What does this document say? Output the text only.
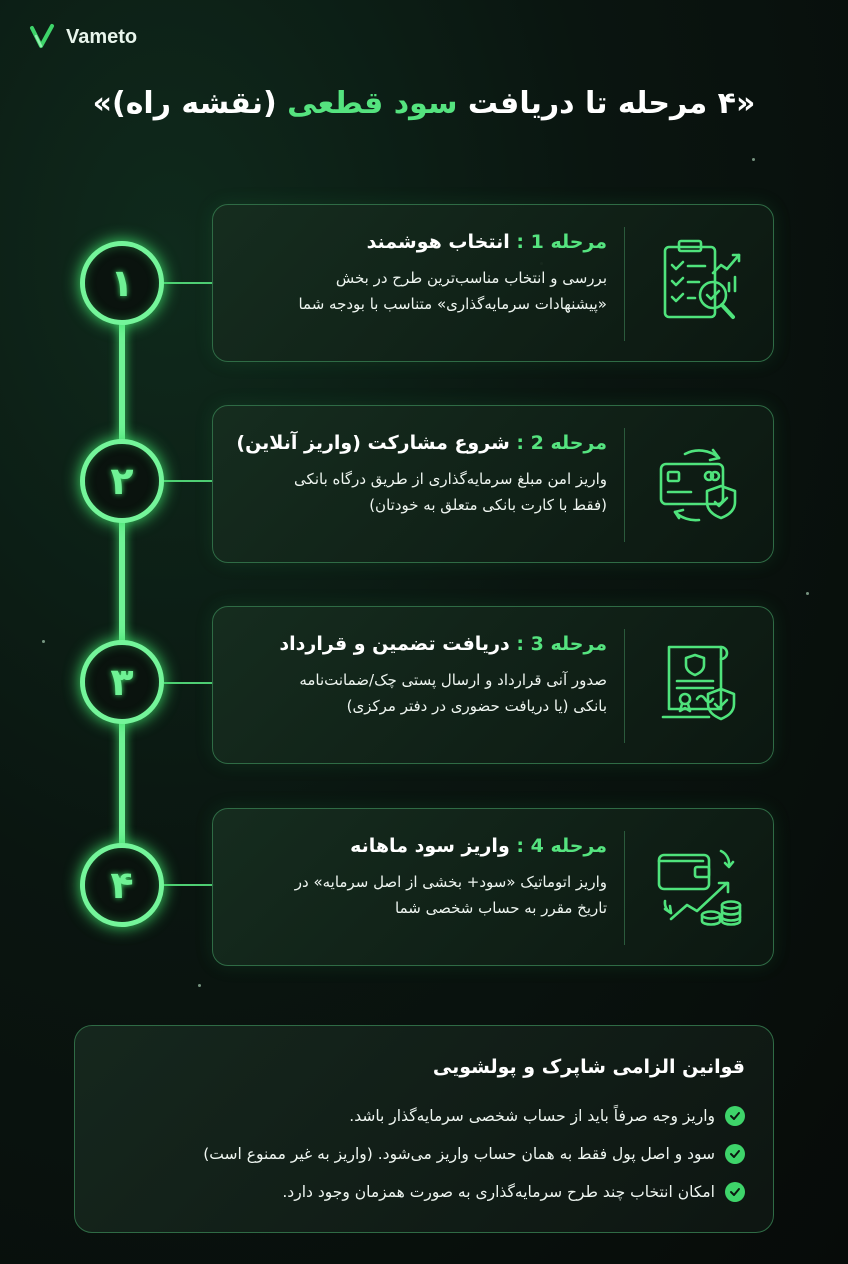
Vameto
«۴ مرحله تا دریافت سود قطعی (نقشه راه)»
۱
مرحله 1 : انتخاب هوشمند
بررسی و انتخاب مناسب‌ترین طرح در بخش
«پیشنهادات سرمایه‌گذاری» متناسب با بودجه شما
۲
مرحله 2 : شروع مشارکت (واریز آنلاین)
واریز امن مبلغ سرمایه‌گذاری از طریق درگاه بانکی
(فقط با کارت بانکی متعلق به خودتان)
۳
مرحله 3 : دریافت تضمین و قرارداد
صدور آنی قرارداد و ارسال پستی چک/ضمانت‌نامه
بانکی (یا دریافت حضوری در دفتر مرکزی)
۴
مرحله 4 : واریز سود ماهانه
واریز اتوماتیک «سود+ بخشی از اصل سرمایه» در
تاریخ مقرر به حساب شخصی شما
قوانین الزامی شاپرک و پولشویی
واریز وجه صرفاً باید از حساب شخصی سرمایه‌گذار باشد.
سود و اصل پول فقط به همان حساب واریز می‌شود. (واریز به غیر ممنوع است)
امکان انتخاب چند طرح سرمایه‌گذاری به صورت همزمان وجود دارد.
